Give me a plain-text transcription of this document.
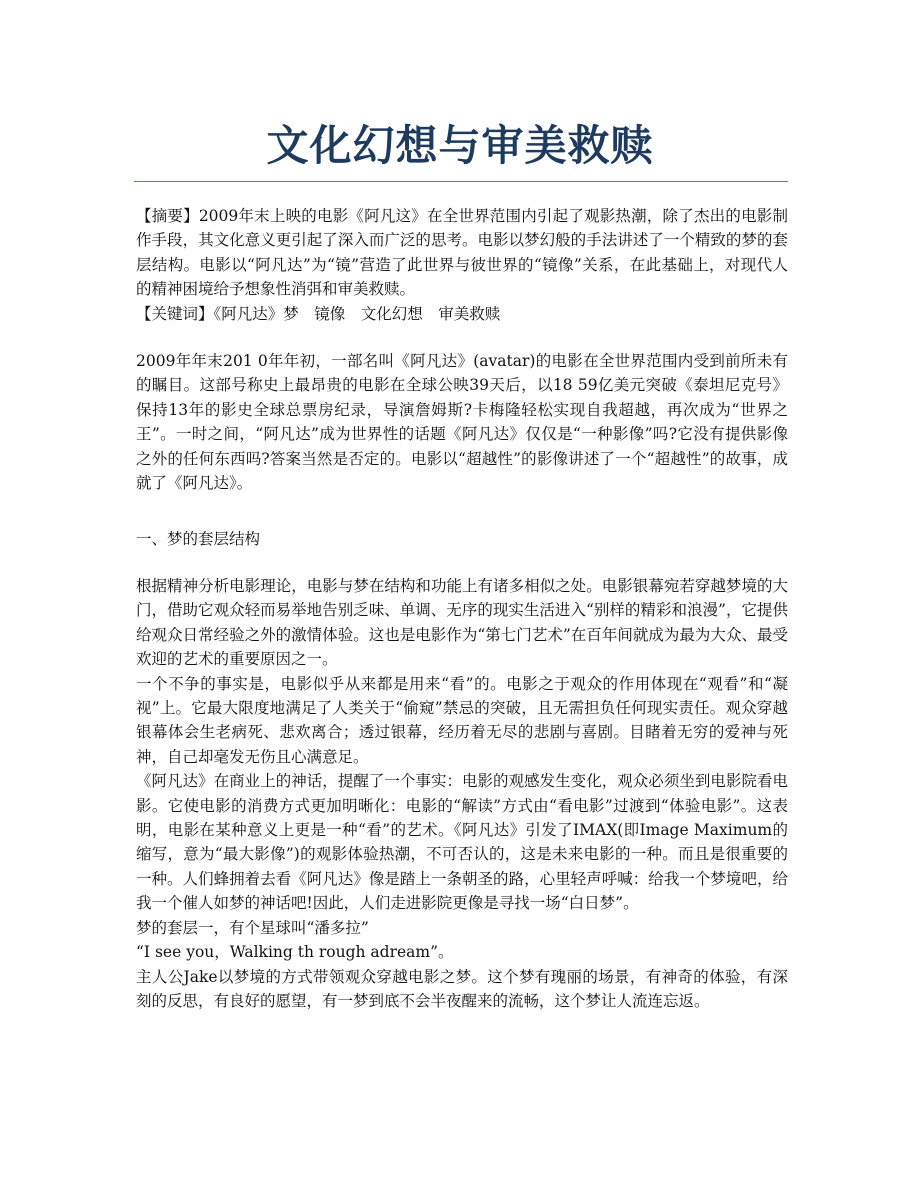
文化幻想与审美救赎

【摘要】2009年末上映的电影《阿凡这》在全世界范围内引起了观影热潮，除了杰出的电影制作手段，其文化意义更引起了深入而广泛的思考。电影以梦幻般的手法讲述了一个精致的梦的套层结构。电影以“阿凡达”为“镜”营造了此世界与彼世界的“镜像”关系，在此基础上，对现代人的精神困境给予想象性消弭和审美救赎。

【关键词】《阿凡达》梦　镜像　文化幻想　审美救赎

2009年年末201 0年年初，一部名叫《阿凡达》(avatar)的电影在全世界范围内受到前所未有的瞩目。这部号称史上最昂贵的电影在全球公映39天后，以18 59亿美元突破《泰坦尼克号》保持13年的影史全球总票房纪录，导演詹姆斯?卡梅隆轻松实现自我超越，再次成为“世界之王”。一时之间，“阿凡达”成为世界性的话题《阿凡达》仅仅是“一种影像”吗?它没有提供影像之外的任何东西吗?答案当然是否定的。电影以“超越性”的影像讲述了一个“超越性”的故事，成就了《阿凡达》。

一、梦的套层结构

根据精神分析电影理论，电影与梦在结构和功能上有诸多相似之处。电影银幕宛若穿越梦境的大门，借助它观众轻而易举地告别乏味、单调、无序的现实生活进入“别样的精彩和浪漫”，它提供给观众日常经验之外的激情体验。这也是电影作为“第七门艺术”在百年间就成为最为大众、最受欢迎的艺术的重要原因之一。

一个不争的事实是，电影似乎从来都是用来“看”的。电影之于观众的作用体现在“观看”和“凝视”上。它最大限度地满足了人类关于“偷窥”禁忌的突破，且无需担负任何现实责任。观众穿越银幕体会生老病死、悲欢离合；透过银幕，经历着无尽的悲剧与喜剧。目睹着无穷的爱神与死神，自己却毫发无伤且心满意足。

《阿凡达》在商业上的神话，提醒了一个事实：电影的观感发生变化，观众必须坐到电影院看电影。它使电影的消费方式更加明晰化：电影的“解读”方式由“看电影”过渡到“体验电影”。这表明，电影在某种意义上更是一种“看”的艺术。《阿凡达》引发了IMAX(即Image Maximum的缩写，意为“最大影像”)的观影体验热潮，不可否认的，这是未来电影的一种。而且是很重要的一种。人们蜂拥着去看《阿凡达》像是踏上一条朝圣的路，心里轻声呼喊：给我一个梦境吧，给我一个催人如梦的神话吧!因此，人们走进影院更像是寻找一场“白日梦”。

梦的套层一，有个星球叫“潘多拉”

“I see you，Walking th rough adream”。

主人公Jake以梦境的方式带领观众穿越电影之梦。这个梦有瑰丽的场景，有神奇的体验，有深刻的反思，有良好的愿望，有一梦到底不会半夜醒来的流畅，这个梦让人流连忘返。
